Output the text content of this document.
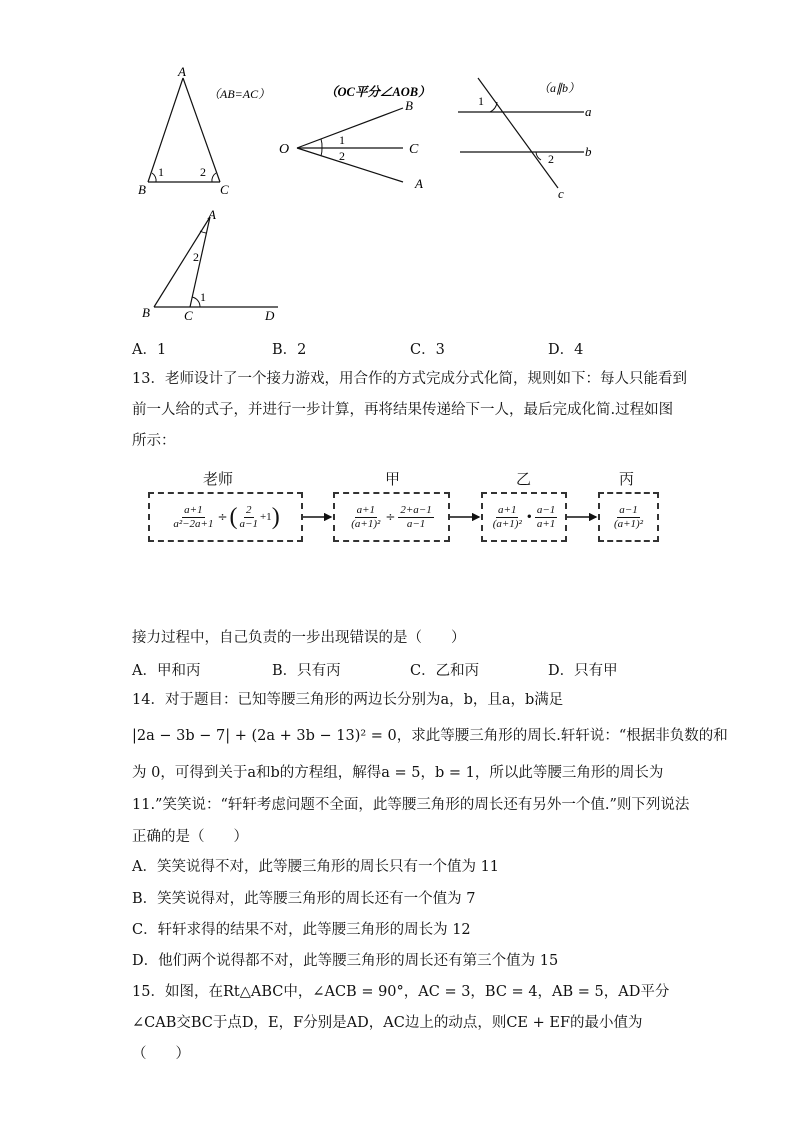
A
B	C
1	2
（AB=AC）	（OC平分∠AOB）
O
B
C
A
1
2
（a∥b）
a
b
c
1
2
A
B	C	D
1
2
A．1	B．2	C．3	D．4
13．老师设计了一个接力游戏，用合作的方式完成分式化简，规则如下：每人只能看到
前一人给的式子，并进行一步计算，再将结果传递给下一人，最后完成化简.过程如图
所示：
老师	甲	乙	丙
$\frac{a+1}{\text{a²−2a+1}}$ ÷ ( $\frac{2}{a-1} +1$ )	$\frac{a+1}{\text{(a+1)²}} \div \frac{2+a-1}{a-1}$	$\frac{a+1}{\text{(a+1)²}}$ • $\frac{a-1}{a+1}$	$\frac{a-1}{\text{(a+1)²}}$
接力过程中，自己负责的一步出现错误的是（　　）
A．甲和丙	B．只有丙	C．乙和丙	D．只有甲
14．对于题目：已知等腰三角形的两边长分别为a，b，且a，b满足
|2a − 3b − 7| + (2a + 3b − 13)² = 0，求此等腰三角形的周长.轩轩说：“根据非负数的和
为 0，可得到关于a和b的方程组，解得a = 5，b = 1，所以此等腰三角形的周长为
11.”笑笑说：“轩轩考虑问题不全面，此等腰三角形的周长还有另外一个值.”则下列说法
正确的是（　　）
A．笑笑说得不对，此等腰三角形的周长只有一个值为 11
B．笑笑说得对，此等腰三角形的周长还有一个值为 7
C．轩轩求得的结果不对，此等腰三角形的周长为 12
D．他们两个说得都不对，此等腰三角形的周长还有第三个值为 15
15．如图，在Rt△ABC中，∠ACB = 90°，AC = 3，BC = 4，AB = 5，AD平分
∠CAB交BC于点D，E，F分别是AD，AC边上的动点，则CE + EF的最小值为
（　　）
